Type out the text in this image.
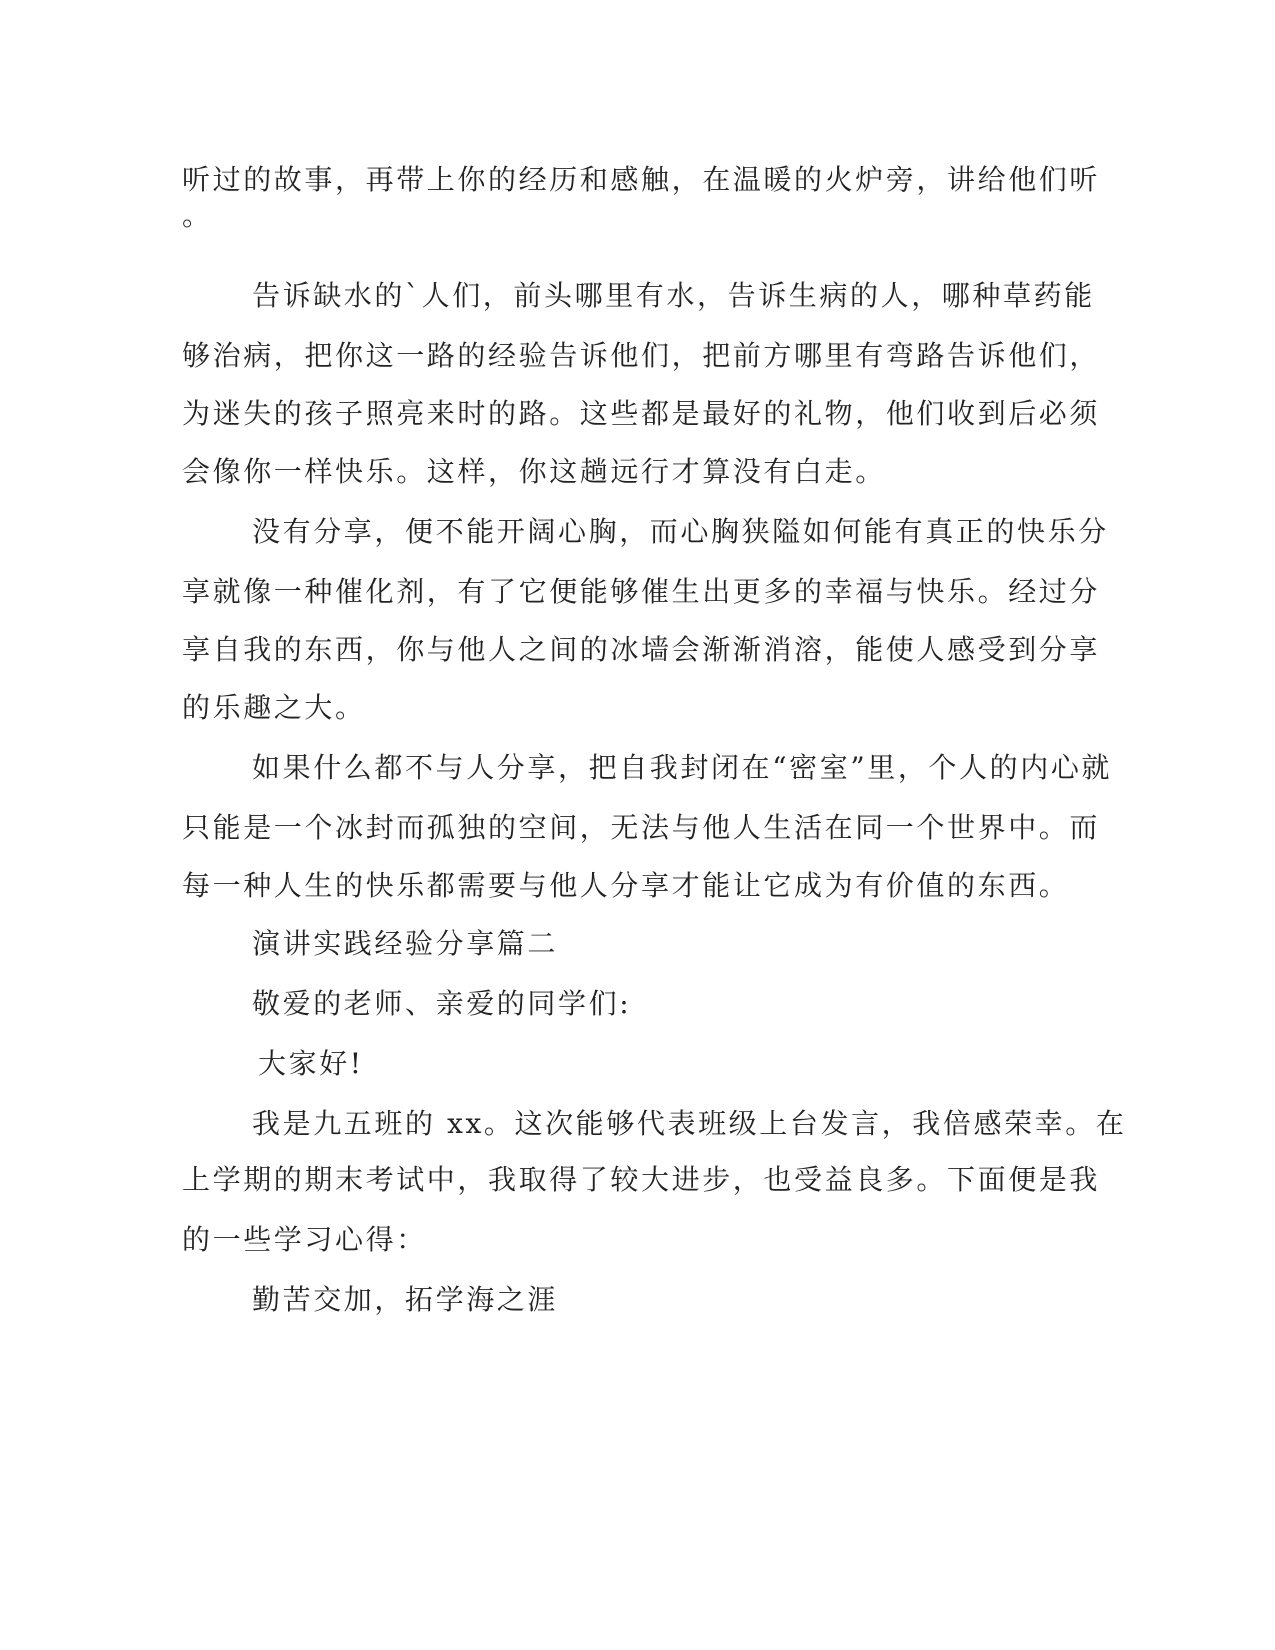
听过的故事，再带上你的经历和感触，在温暖的火炉旁，讲给他们听
。
告诉缺水的`人们，前头哪里有水，告诉生病的人，哪种草药能
够治病，把你这一路的经验告诉他们，把前方哪里有弯路告诉他们，
为迷失的孩子照亮来时的路。这些都是最好的礼物，他们收到后必须
会像你一样快乐。这样，你这趟远行才算没有白走。
没有分享，便不能开阔心胸，而心胸狭隘如何能有真正的快乐分
享就像一种催化剂，有了它便能够催生出更多的幸福与快乐。经过分
享自我的东西，你与他人之间的冰墙会渐渐消溶，能使人感受到分享
的乐趣之大。
如果什么都不与人分享，把自我封闭在“密室”里，个人的内心就
只能是一个冰封而孤独的空间，无法与他人生活在同一个世界中。而
每一种人生的快乐都需要与他人分享才能让它成为有价值的东西。
演讲实践经验分享篇二
敬爱的老师、亲爱的同学们:
大家好!
我是九五班的 xx。这次能够代表班级上台发言，我倍感荣幸。在
上学期的期末考试中，我取得了较大进步，也受益良多。下面便是我
的一些学习心得：
勤苦交加，拓学海之涯
